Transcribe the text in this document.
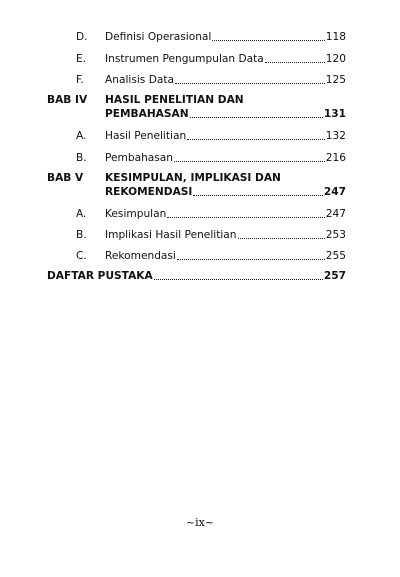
D.	Definisi Operasional	118
E.	Instrumen Pengumpulan Data	120
F.	Analisis Data	125
BAB IV	HASIL PENELITIAN DAN
PEMBAHASAN	131
A.	Hasil Penelitian	132
B.	Pembahasan	216
BAB V	KESIMPULAN, IMPLIKASI DAN
REKOMENDASI	247
A.	Kesimpulan	247
B.	Implikasi Hasil Penelitian	253
C.	Rekomendasi	255
DAFTAR PUSTAKA	257
~ix~
